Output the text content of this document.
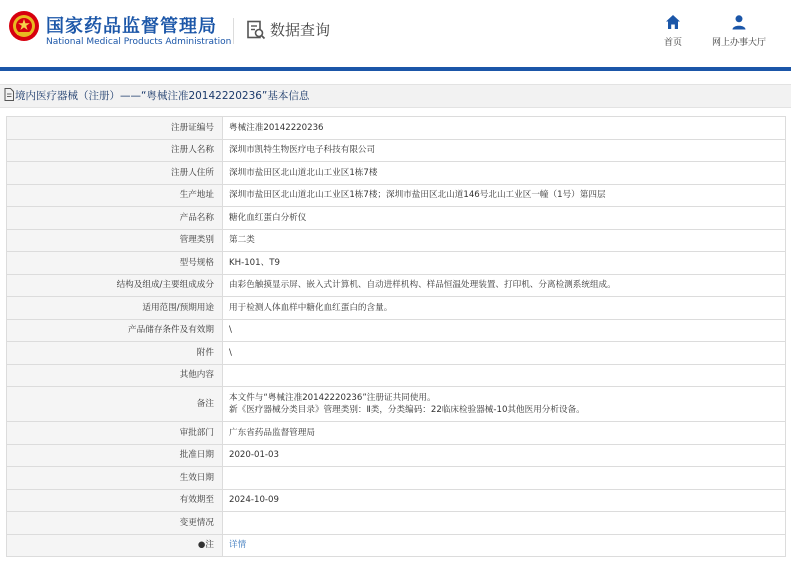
国家药品监督管理局
National Medical Products Administration
数据查询
首页	网上办事大厅
境内医疗器械（注册）——“粤械注准20142220236”基本信息
注册证编号	粤械注准20142220236
注册人名称	深圳市凯特生物医疗电子科技有限公司
注册人住所	深圳市盐田区北山道北山工业区1栋7楼
生产地址	深圳市盐田区北山道北山工业区1栋7楼；深圳市盐田区北山道146号北山工业区一幢（1号）第四层
产品名称	糖化血红蛋白分析仪
管理类别	第二类
型号规格	KH-101、T9
结构及组成/主要组成成分	由彩色触摸显示屏、嵌入式计算机、自动进样机构、样品恒温处理装置、打印机、分离检测系统组成。
适用范围/预期用途	用于检测人体血样中糖化血红蛋白的含量。
产品储存条件及有效期	\
附件	\
其他内容	
备注	本文件与“粤械注准20142220236”注册证共同使用。
新《医疗器械分类目录》管理类别：Ⅱ类，分类编码：22临床检验器械-10其他医用分析设备。

审批部门	广东省药品监督管理局
批准日期	2020-01-03
生效日期	
有效期至	2024-10-09
变更情况	
●注	详情
